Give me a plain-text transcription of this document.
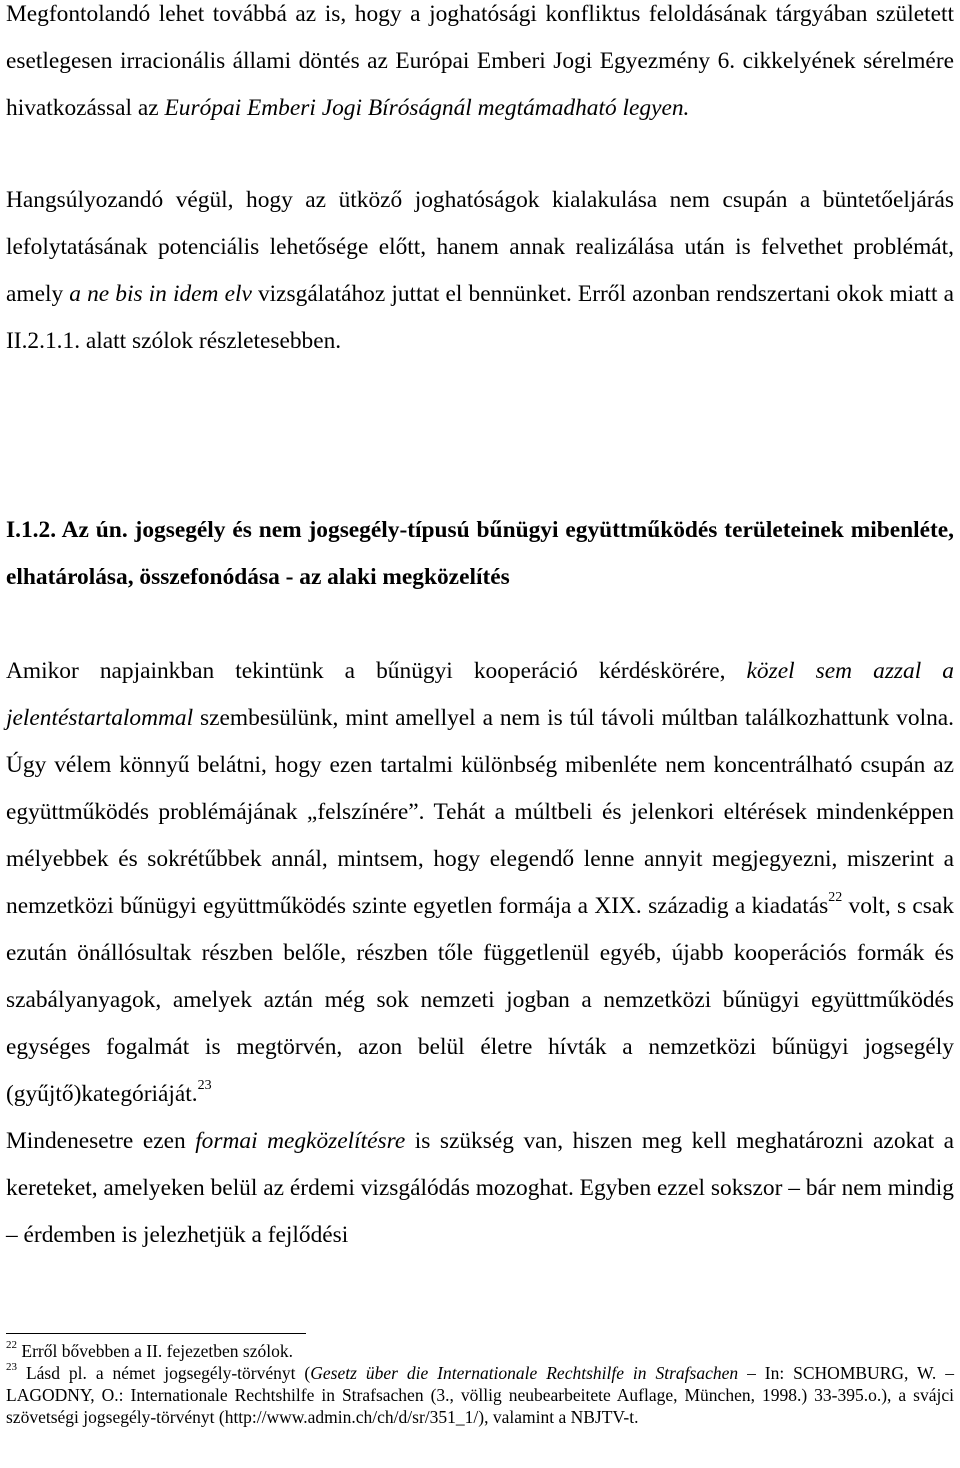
Megfontolandó lehet továbbá az is, hogy a joghatósági konfliktus feloldásának tárgyában született esetlegesen irracionális állami döntés az Európai Emberi Jogi Egyezmény 6. cikkelyének sérelmére hivatkozással az Európai Emberi Jogi Bíróságnál megtámadható legyen.

Hangsúlyozandó végül, hogy az ütköző joghatóságok kialakulása nem csupán a büntetőeljárás lefolytatásának potenciális lehetősége előtt, hanem annak realizálása után is felvethet problémát, amely a ne bis in idem elv vizsgálatához juttat el bennünket. Erről azonban rendszertani okok miatt a II.2.1.1. alatt szólok részletesebben.

I.1.2. Az ún. jogsegély és nem jogsegély-típusú bűnügyi együttműködés területeinek mibenléte, elhatárolása, összefonódása - az alaki megközelítés

Amikor napjainkban tekintünk a bűnügyi kooperáció kérdéskörére, közel sem azzal a jelentéstartalommal szembesülünk, mint amellyel a nem is túl távoli múltban találkozhattunk volna. Úgy vélem könnyű belátni, hogy ezen tartalmi különbség mibenléte nem koncentrálható csupán az együttműködés problémájának „felszínére”. Tehát a múltbeli és jelenkori eltérések mindenképpen mélyebbek és sokrétűbbek annál, mintsem, hogy elegendő lenne annyit megjegyezni, miszerint a nemzetközi bűnügyi együttműködés szinte egyetlen formája a XIX. századig a kiadatás$^{22}$ volt, s csak ezután önállósultak részben belőle, részben tőle függetlenül egyéb, újabb kooperációs formák és szabályanyagok, amelyek aztán még sok nemzeti jogban a nemzetközi bűnügyi együttműködés egységes fogalmát is megtörvén, azon belül életre hívták a nemzetközi bűnügyi jogsegély (gyűjtő)kategóriáját.$^{23}$
Mindenesetre ezen formai megközelítésre is szükség van, hiszen meg kell meghatározni azokat a kereteket, amelyeken belül az érdemi vizsgálódás mozoghat. Egyben ezzel sokszor – bár nem mindig – érdemben is jelezhetjük a fejlődési

$^{22}$ Erről bővebben a II. fejezetben szólok.

$^{23}$ Lásd pl. a német jogsegély-törvényt (Gesetz über die Internationale Rechtshilfe in Strafsachen – In: SCHOMBURG, W. – LAGODNY, O.: Internationale Rechtshilfe in Strafsachen (3., völlig neubearbeitete Auflage, München, 1998.) 33-395.o.), a svájci szövetségi jogsegély-törvényt (http://www.admin.ch/ch/d/sr/351_1/), valamint a NBJTV-t.
